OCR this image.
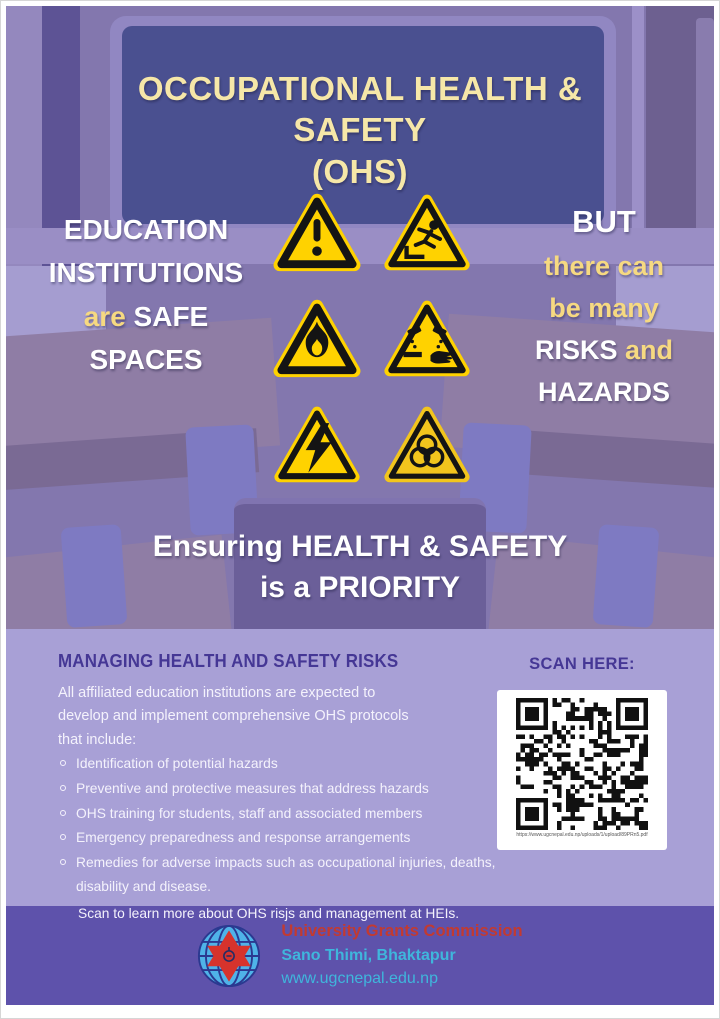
OCCUPATIONAL HEALTH & SAFETY
(OHS)
EDUCATION
INSTITUTIONS
are SAFE
SPACES
BUT
there can
be many
RISKS and
HAZARDS
Ensuring HEALTH & SAFETY
is a PRIORITY
MANAGING HEALTH AND SAFETY RISKS
All affiliated education institutions are expected to
develop and implement comprehensive OHS protocols
that include:
Identification of potential hazards
Preventive and protective measures that address hazards
OHS training for students, staff and associated members
Emergency preparedness and response arrangements
Remedies for adverse impacts such as occupational injuries, deaths, disability and disease.
Scan to learn more about OHS risjs and management at HEIs.
SCAN HERE:
https://www.ugcnepal.edu.np/uploads/1/upload/89PRn5.pdf
University Grants Commission
Sano Thimi, Bhaktapur
www.ugcnepal.edu.np
